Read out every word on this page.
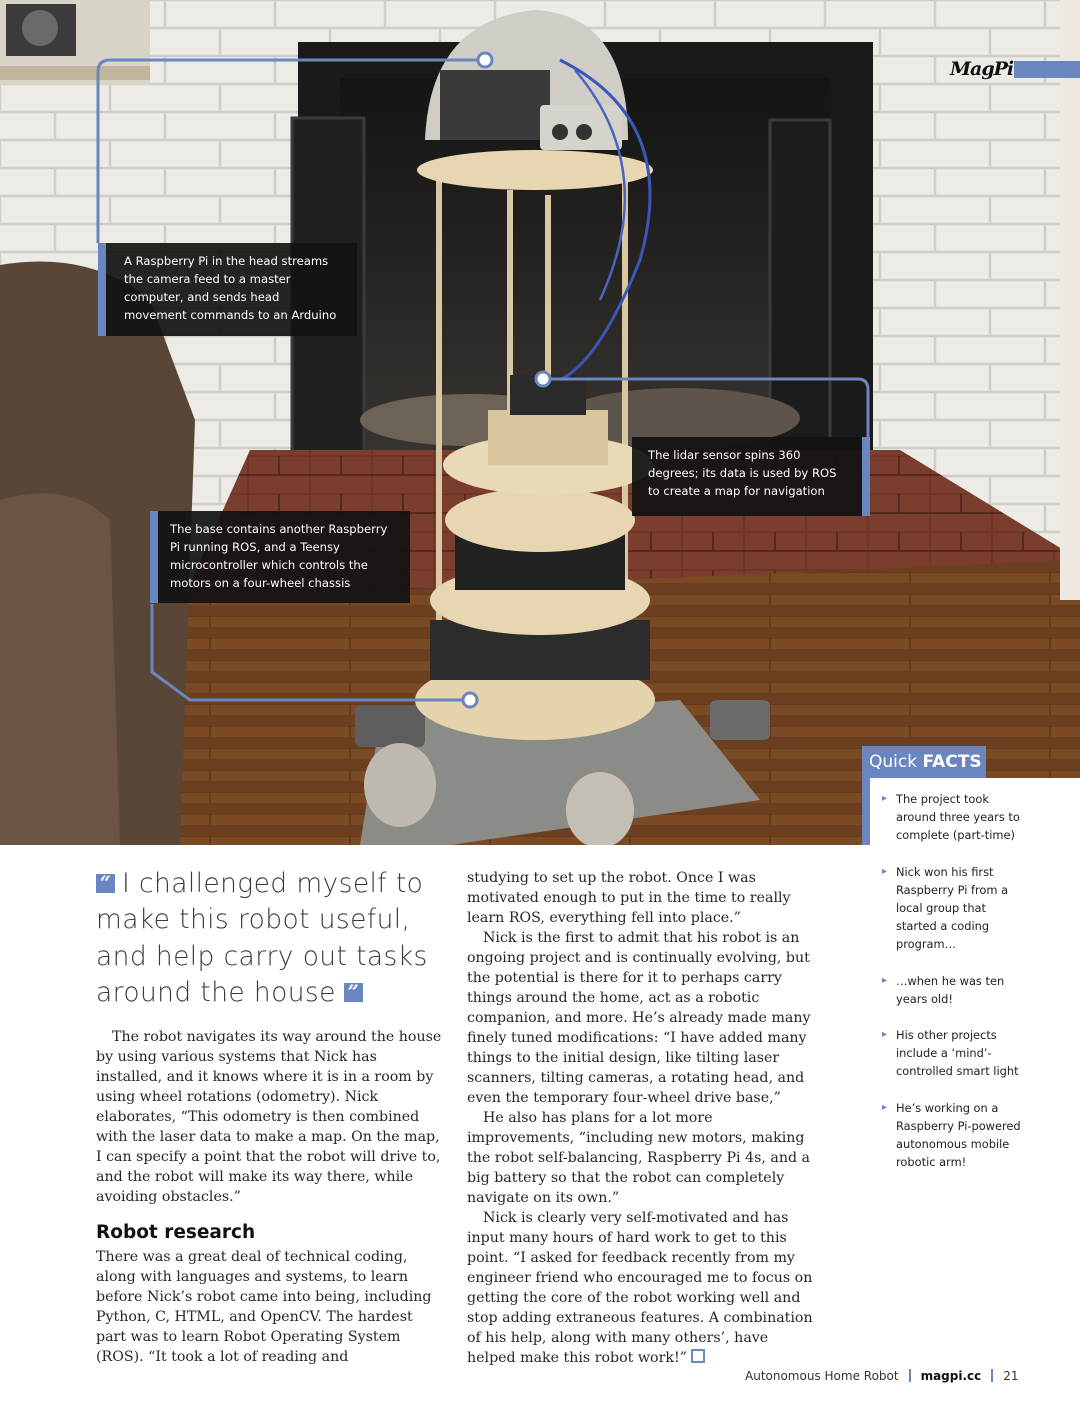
MagPi
A Raspberry Pi in the head streams the camera feed to a master computer, and sends head movement commands to an Arduino
The lidar sensor spins 360 degrees; its data is used by ROS to create a map for navigation
The base contains another Raspberry Pi running ROS, and a Teensy microcontroller which controls the motors on a four-wheel chassis
Quick FACTS
▸ The project took around three years to complete (part-time)
▸ Nick won his first Raspberry Pi from a local group that started a coding program…
▸ …when he was ten years old!
▸ His other projects include a ‘mind’-controlled smart light
▸ He’s working on a Raspberry Pi-powered autonomous mobile robotic arm!
“ I challenged myself to make this robot useful, and help carry out tasks around the house ”

The robot navigates its way around the house by using various systems that Nick has installed, and it knows where it is in a room by using wheel rotations (odometry). Nick elaborates, “This odometry is then combined with the laser data to make a map. On the map, I can specify a point that the robot will drive to, and the robot will make its way there, while avoiding obstacles.”

Robot research

There was a great deal of technical coding, along with languages and systems, to learn before Nick’s robot came into being, including Python, C, HTML, and OpenCV. The hardest part was to learn Robot Operating System (ROS). “It took a lot of reading and

studying to set up the robot. Once I was motivated enough to put in the time to really learn ROS, everything fell into place.”

Nick is the first to admit that his robot is an ongoing project and is continually evolving, but the potential is there for it to perhaps carry things around the home, act as a robotic companion, and more. He’s already made many finely tuned modifications: “I have added many things to the initial design, like tilting laser scanners, tilting cameras, a rotating head, and even the temporary four-wheel drive base,”

He also has plans for a lot more improvements, “including new motors, making the robot self-balancing, Raspberry Pi 4s, and a big battery so that the robot can completely navigate on its own.”

Nick is clearly very self-motivated and has input many hours of hard work to get to this point. “I asked for feedback recently from my engineer friend who encouraged me to focus on getting the core of the robot working well and stop adding extraneous features. A combination of his help, along with many others’, have helped make this robot work!”

Autonomous Home Robot magpi.cc 21
